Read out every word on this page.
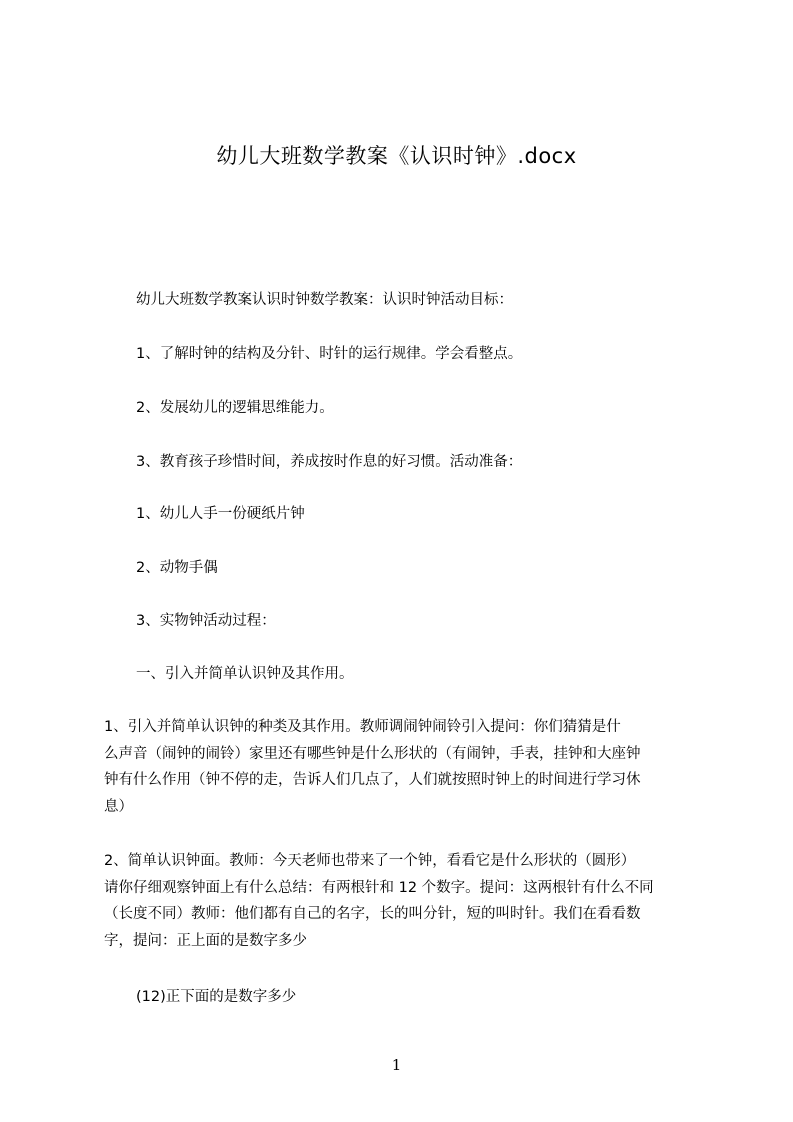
幼儿大班数学教案《认识时钟》.docx
幼儿大班数学教案认识时钟数学教案：认识时钟活动目标：
1、了解时钟的结构及分针、时针的运行规律。学会看整点。
2、发展幼儿的逻辑思维能力。
3、教育孩子珍惜时间，养成按时作息的好习惯。活动准备：
1、幼儿人手一份硬纸片钟
2、动物手偶
3、实物钟活动过程：
一、引入并简单认识钟及其作用。

1、引入并简单认识钟的种类及其作用。教师调闹钟闹铃引入提问：你们猜猜是什

么声音（闹钟的闹铃）家里还有哪些钟是什么形状的（有闹钟，手表，挂钟和大座钟

钟有什么作用（钟不停的走，告诉人们几点了，人们就按照时钟上的时间进行学习休

息）

2、简单认识钟面。教师：今天老师也带来了一个钟，看看它是什么形状的（圆形）

请你仔细观察钟面上有什么总结：有两根针和 12 个数字。提问：这两根针有什么不同

（长度不同）教师：他们都有自己的名字，长的叫分针，短的叫时针。我们在看看数

字，提问：正上面的是数字多少

(12)正下面的是数字多少
1
